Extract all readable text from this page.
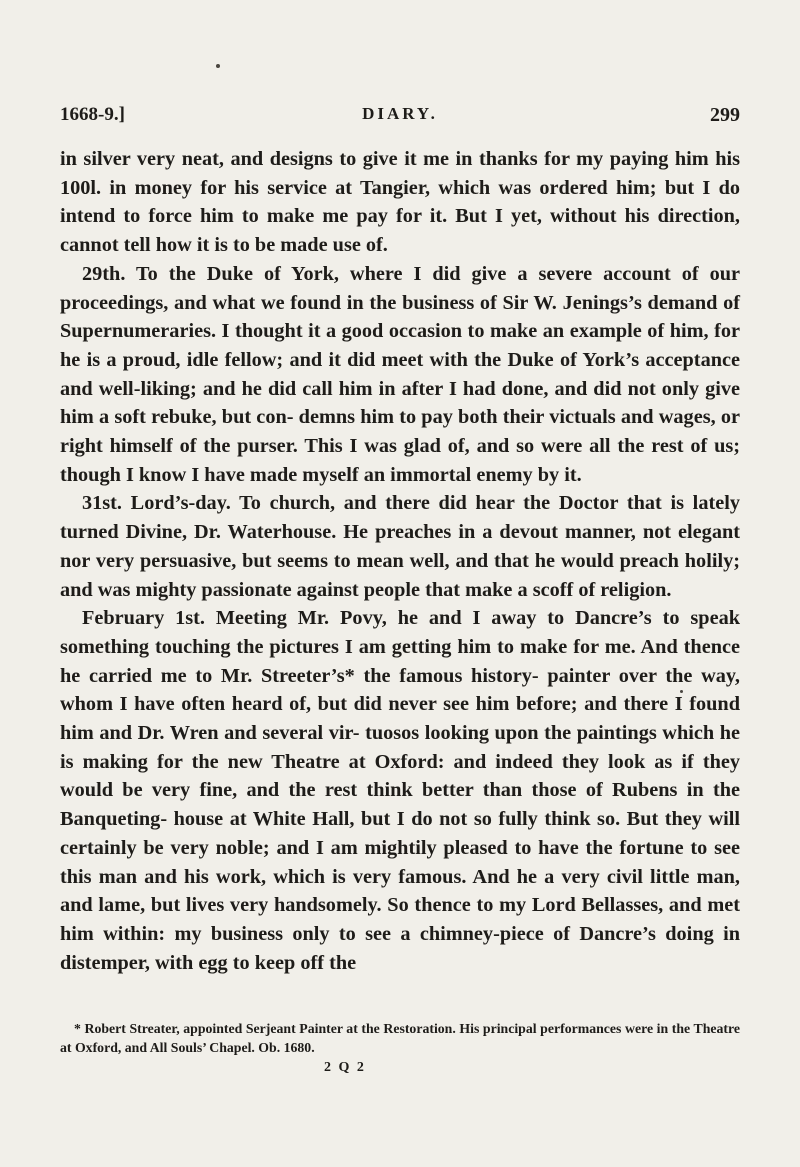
1668-9.]	DIARY.	299

in silver very neat, and designs to give it me in thanks for my paying him his 100l. in money for his service at Tangier, which was ordered him; but I do intend to force him to make me pay for it. But I yet, without his direction, cannot tell how it is to be made use of.

29th. To the Duke of York, where I did give a severe account of our proceedings, and what we found in the business of Sir W. Jenings’s demand of Supernumeraries. I thought it a good occasion to make an example of him, for he is a proud, idle fellow; and it did meet with the Duke of York’s acceptance and well-liking; and he did call him in after I had done, and did not only give him a soft rebuke, but con- demns him to pay both their victuals and wages, or right himself of the purser. This I was glad of, and so were all the rest of us; though I know I have made myself an immortal enemy by it.

31st. Lord’s-day. To church, and there did hear the Doctor that is lately turned Divine, Dr. Waterhouse. He preaches in a devout manner, not elegant nor very persuasive, but seems to mean well, and that he would preach holily; and was mighty passionate against people that make a scoff of religion.

February 1st. Meeting Mr. Povy, he and I away to Dancre’s to speak something touching the pictures I am getting him to make for me. And thence he carried me to Mr. Streeter’s* the famous history- painter over the way, whom I have often heard of, but did never see him before; and there I found him and Dr. Wren and several vir- tuosos looking upon the paintings which he is making for the new Theatre at Oxford: and indeed they look as if they would be very fine, and the rest think better than those of Rubens in the Banqueting- house at White Hall, but I do not so fully think so. But they will certainly be very noble; and I am mightily pleased to have the fortune to see this man and his work, which is very famous. And he a very civil little man, and lame, but lives very handsomely. So thence to my Lord Bellasses, and met him within: my business only to see a chimney-piece of Dancre’s doing in distemper, with egg to keep off the

* Robert Streater, appointed Serjeant Painter at the Restoration. His principal performances were in the Theatre at Oxford, and All Souls’ Chapel. Ob. 1680.

2 Q 2
